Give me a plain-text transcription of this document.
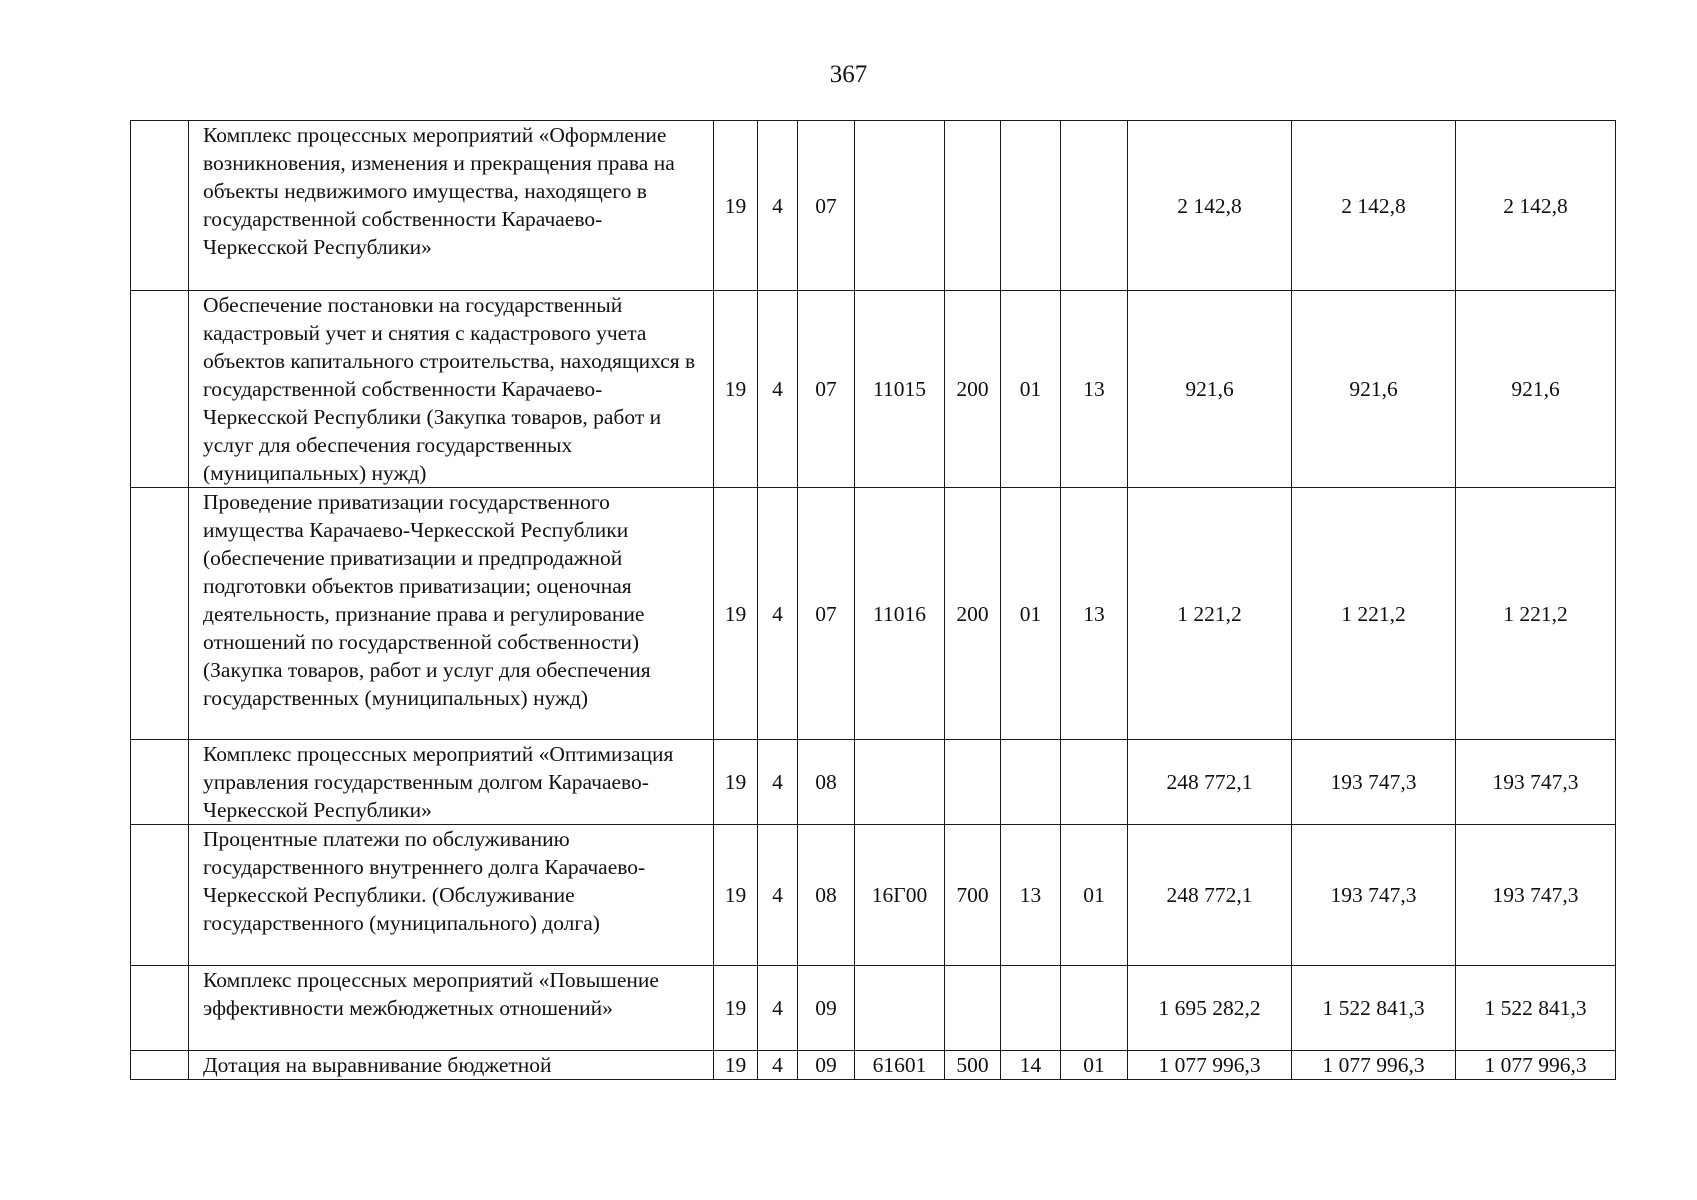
367
	Комплекс процессных мероприятий «Оформление возникновения, изменения и прекращения права на объекты недвижимого имущества, находящего в государственной собственности Карачаево-Черкесской Республики»	19	4	07					2 142,8	2 142,8	2 142,8
	Обеспечение постановки на государственный кадастровый учет и снятия с кадастрового учета объектов капитального строительства, находящихся в государственной собственности Карачаево-Черкесской Республики (Закупка товаров, работ и услуг для обеспечения государственных (муниципальных) нужд)	19	4	07	11015	200	01	13	921,6	921,6	921,6
	Проведение приватизации государственного имущества Карачаево-Черкесской Республики (обеспечение приватизации и предпродажной подготовки объектов приватизации; оценочная деятельность, признание права и регулирование отношений по государственной собственности) (Закупка товаров, работ и услуг для обеспечения государственных (муниципальных) нужд)	19	4	07	11016	200	01	13	1 221,2	1 221,2	1 221,2
	Комплекс процессных мероприятий «Оптимизация управления государственным долгом Карачаево-Черкесской Республики»	19	4	08					248 772,1	193 747,3	193 747,3
	Процентные платежи по обслуживанию государственного внутреннего долга Карачаево-Черкесской Республики. (Обслуживание государственного (муниципального) долга)	19	4	08	16Г00	700	13	01	248 772,1	193 747,3	193 747,3
	Комплекс процессных мероприятий «Повышение эффективности межбюджетных отношений»	19	4	09					1 695 282,2	1 522 841,3	1 522 841,3

	Дотация на выравнивание бюджетной	19	4	09	61601	500	14	01	1 077 996,3	1 077 996,3	1 077 996,3
